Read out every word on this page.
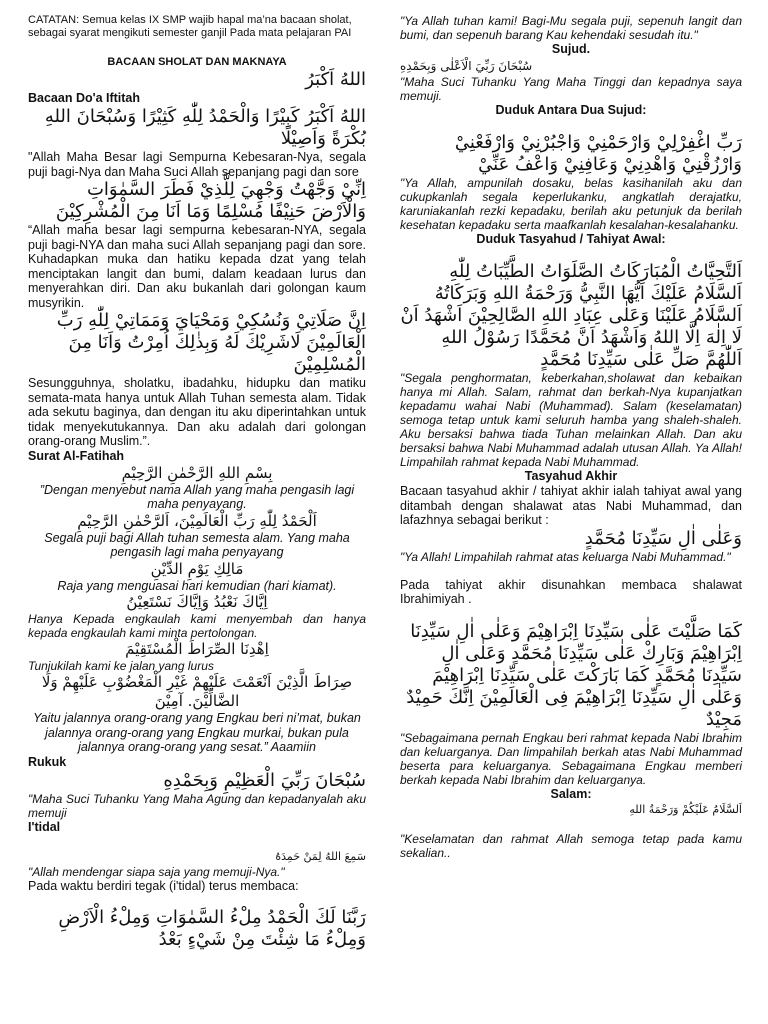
CATATAN: Semua kelas IX SMP wajib hapal ma’na bacaan sholat, sebagai syarat mengikuti semester ganjil Pada mata pelajaran PAI
BACAAN SHOLAT DAN MAKNAYA
اللهُ اَكْبَرُ
Bacaan Do'a Iftitah
اللهُ اَكْبَرُ كَبِيْرًا وَالْحَمْدُ لِلّٰهِ كَثِيْرًا وَسُبْحَانَ اللهِ بُكْرَةً وَاَصِيْلًا
"Allah Maha Besar lagi Sempurna Kebesaran-Nya, segala puji bagi-Nya dan Maha Suci Allah sepanjang pagi dan sore
اِنِّيْ وَجَّهْتُ وَجْهِيَ لِلَّذِيْ فَطَرَ السَّمٰوَاتِ وَالْاَرْضَ حَنِيْفًا مُسْلِمًا وَمَا اَنَا مِنَ الْمُشْرِكِيْنَ
“Allah maha besar lagi sempurna kebesaran-NYA, segala puji bagi-NYA dan maha suci Allah sepanjang pagi dan sore. Kuhadapkan muka dan hatiku kepada dzat yang telah menciptakan langit dan bumi, dalam keadaan lurus dan menyerahkan diri. Dan aku bukanlah dari golongan kaum musyrikin.
اِنَّ صَلَاتِيْ وَنُسُكِيْ وَمَحْيَايَ وَمَمَاتِيْ لِلّٰهِ رَبِّ الْعَالَمِيْنَ لَاشَرِيْكَ لَهُ وَبِذٰلِكَ اُمِرْتُ وَاَنَا مِنَ الْمُسْلِمِيْنَ
Sesungguhnya, sholatku, ibadahku, hidupku dan matiku semata-mata hanya untuk Allah Tuhan semesta alam. Tidak ada sekutu baginya, dan dengan itu aku diperintahkan untuk tidak menyekutukannya. Dan aku adalah dari golongan orang-orang Muslim.”.
Surat Al-Fatihah
بِسْمِ اللهِ الرَّحْمٰنِ الرَّحِيْمِ
”Dengan menyebut nama Allah yang maha pengasih lagi maha penyayang.
اَلْحَمْدُ لِلّٰهِ رَبِّ الْعَالَمِيْنَ، اَلرَّحْمٰنِ الرَّحِيْمِ
Segala puji bagi Allah tuhan semesta alam. Yang maha pengasih lagi maha penyayang
مَالِكِ يَوْمِ الدِّيْنِ
Raja yang menguasai hari kemudian (hari kiamat).
اِيَّاكَ نَعْبُدُ وَاِيَّاكَ نَسْتَعِيْنُ
Hanya Kepada engkaulah kami menyembah dan hanya kepada engkaulah kami minta pertolongan.
اِهْدِنَا الصِّرَاطَ الْمُسْتَقِيْمَ
Tunjukilah kami ke jalan yang lurus
صِرَاطَ الَّذِيْنَ اَنْعَمْتَ عَلَيْهِمْ غَيْرِ الْمَغْضُوْبِ عَلَيْهِمْ وَلَا الضَّالِّيْنَ. آمِيْنَ
Yaitu jalannya orang-orang yang Engkau beri ni’mat, bukan jalannya orang-orang yang Engkau murkai, bukan pula jalannya orang-orang yang sesat.” Aaamiin
Rukuk
سُبْحَانَ رَبِّيَ الْعَظِيْمِ وَبِحَمْدِهِ
"Maha Suci Tuhanku Yang Maha Agung dan kepadanyalah aku memuji
I'tidal
سَمِعَ اللهُ لِمَنْ حَمِدَهُ
"Allah mendengar siapa saja yang memuji-Nya."
Pada waktu berdiri tegak (i'tidal) terus membaca:
رَبَّنَا لَكَ الْحَمْدُ مِلْءُ السَّمٰوَاتِ وَمِلْءُ الْاَرْضِ وَمِلْءُ مَا شِئْتَ مِنْ شَيْءٍ بَعْدُ
"Ya Allah tuhan kami! Bagi-Mu segala puji, sepenuh langit dan bumi, dan sepenuh barang Kau kehendaki sesudah itu."
Sujud.
سُبْحَانَ رَبِّيَ الْاَعْلٰى وَبِحَمْدِهِ
"Maha Suci Tuhanku Yang Maha Tinggi dan kepadnya saya memuji.
Duduk Antara Dua Sujud:
رَبِّ اغْفِرْلِيْ وَارْحَمْنِيْ وَاجْبُرْنِيْ وَارْفَعْنِيْ وَارْزُقْنِيْ وَاهْدِنِيْ وَعَافِنِيْ وَاعْفُ عَنِّيْ
"Ya Allah, ampunilah dosaku, belas kasihanilah aku dan cukupkanlah segala keperlukanku, angkatlah derajatku, karuniakanlah rezki kepadaku, berilah aku petunjuk da berilah kesehatan kepadaku serta maafkanlah kesalahan-kesalahanku.
Duduk Tasyahud / Tahiyat Awal:
اَلتَّحِيَّاتُ الْمُبَارَكَاتُ الصَّلَوَاتُ الطَّيِّبَاتُ لِلّٰهِ اَلسَّلَامُ عَلَيْكَ اَيُّهَا النَّبِيُّ وَرَحْمَةُ اللهِ وَبَرَكَاتُهُ اَلسَّلَامُ عَلَيْنَا وَعَلٰى عِبَادِ اللهِ الصَّالِحِيْنَ اَشْهَدُ اَنْ لَا اِلٰهَ اِلَّا اللهُ وَاَشْهَدُ اَنَّ مُحَمَّدًا رَسُوْلُ اللهِ اَللّٰهُمَّ صَلِّ عَلٰى سَيِّدِنَا مُحَمَّدٍ
"Segala penghormatan, keberkahan,sholawat dan kebaikan hanya mi Allah. Salam, rahmat dan berkah-Nya kupanjatkan kepadamu wahai Nabi (Muhammad). Salam (keselamatan) semoga tetap untuk kami seluruh hamba yang shaleh-shaleh. Aku bersaksi bahwa tiada Tuhan melainkan Allah. Dan aku bersaksi bahwa Nabi Muhammad adalah utusan Allah. Ya Allah! Limpahilah rahmat kepada Nabi Muhammad.
Tasyahud Akhir
Bacaan tasyahud akhir / tahiyat akhir ialah tahiyat awal yang ditambah dengan shalawat atas Nabi Muhammad, dan lafazhnya sebagai berikut :
وَعَلٰى اٰلِ سَيِّدِنَا مُحَمَّدٍ
"Ya Allah! Limpahilah rahmat atas keluarga Nabi Muhammad."
Pada tahiyat akhir disunahkan membaca shalawat Ibrahimiyah .
كَمَا صَلَّيْتَ عَلٰى سَيِّدِنَا اِبْرَاهِيْمَ وَعَلٰى اٰلِ سَيِّدِنَا اِبْرَاهِيْمَ وَبَارِكْ عَلٰى سَيِّدِنَا مُحَمَّدٍ وَعَلٰى اٰلِ سَيِّدِنَا مُحَمَّدٍ كَمَا بَارَكْتَ عَلٰى سَيِّدِنَا اِبْرَاهِيْمَ وَعَلٰى اٰلِ سَيِّدِنَا اِبْرَاهِيْمَ فِى الْعَالَمِيْنَ اِنَّكَ حَمِيْدٌ مَجِيْدٌ
"Sebagaimana pernah Engkau beri rahmat kepada Nabi Ibrahim dan keluarganya. Dan limpahilah berkah atas Nabi Muhammad beserta para keluarganya. Sebagaimana Engkau memberi berkah kepada Nabi Ibrahim dan keluarganya.
Salam:
اَلسَّلَامُ عَلَيْكُمْ وَرَحْمَةُ اللهِ
"Keselamatan dan rahmat Allah semoga tetap pada kamu sekalian..
